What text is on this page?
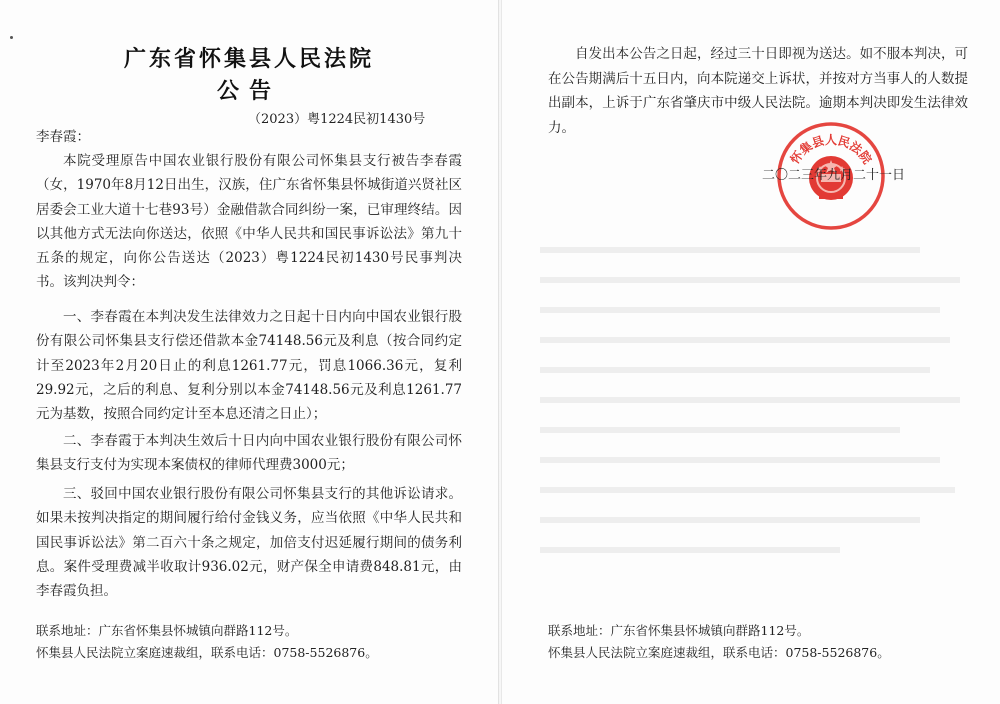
广东省怀集县人民法院
公告
（2023）粤1224民初1430号
李春霞：

本院受理原告中国农业银行股份有限公司怀集县支行被告李春霞（女，1970年8月12日出生，汉族，住广东省怀集县怀城街道兴贤社区居委会工业大道十七巷93号）金融借款合同纠纷一案，已审理终结。因以其他方式无法向你送达，依照《中华人民共和国民事诉讼法》第九十五条的规定，向你公告送达（2023）粤1224民初1430号民事判决书。该判决判令：

一、李春霞在本判决发生法律效力之日起十日内向中国农业银行股份有限公司怀集县支行偿还借款本金74148.56元及利息（按合同约定计至2023年2月20日止的利息1261.77元，罚息1066.36元，复利29.92元，之后的利息、复利分别以本金74148.56元及利息1261.77元为基数，按照合同约定计至本息还清之日止）；

二、李春霞于本判决生效后十日内向中国农业银行股份有限公司怀集县支行支付为实现本案债权的律师代理费3000元；

三、驳回中国农业银行股份有限公司怀集县支行的其他诉讼请求。如果未按判决指定的期间履行给付金钱义务，应当依照《中华人民共和国民事诉讼法》第二百六十条之规定，加倍支付迟延履行期间的债务利息。案件受理费减半收取计936.02元，财产保全申请费848.81元，由李春霞负担。

联系地址：广东省怀集县怀城镇向群路112号。
怀集县人民法院立案庭速裁组，联系电话：0758-5526876。

自发出本公告之日起，经过三十日即视为送达。如不服本判决，可在公告期满后十五日内，向本院递交上诉状，并按对方当事人的人数提出副本，上诉于广东省肇庆市中级人民法院。逾期本判决即发生法律效力。

怀集县人民法院
二〇二三年九月二十一日
联系地址：广东省怀集县怀城镇向群路112号。
怀集县人民法院立案庭速裁组，联系电话：0758-5526876。
